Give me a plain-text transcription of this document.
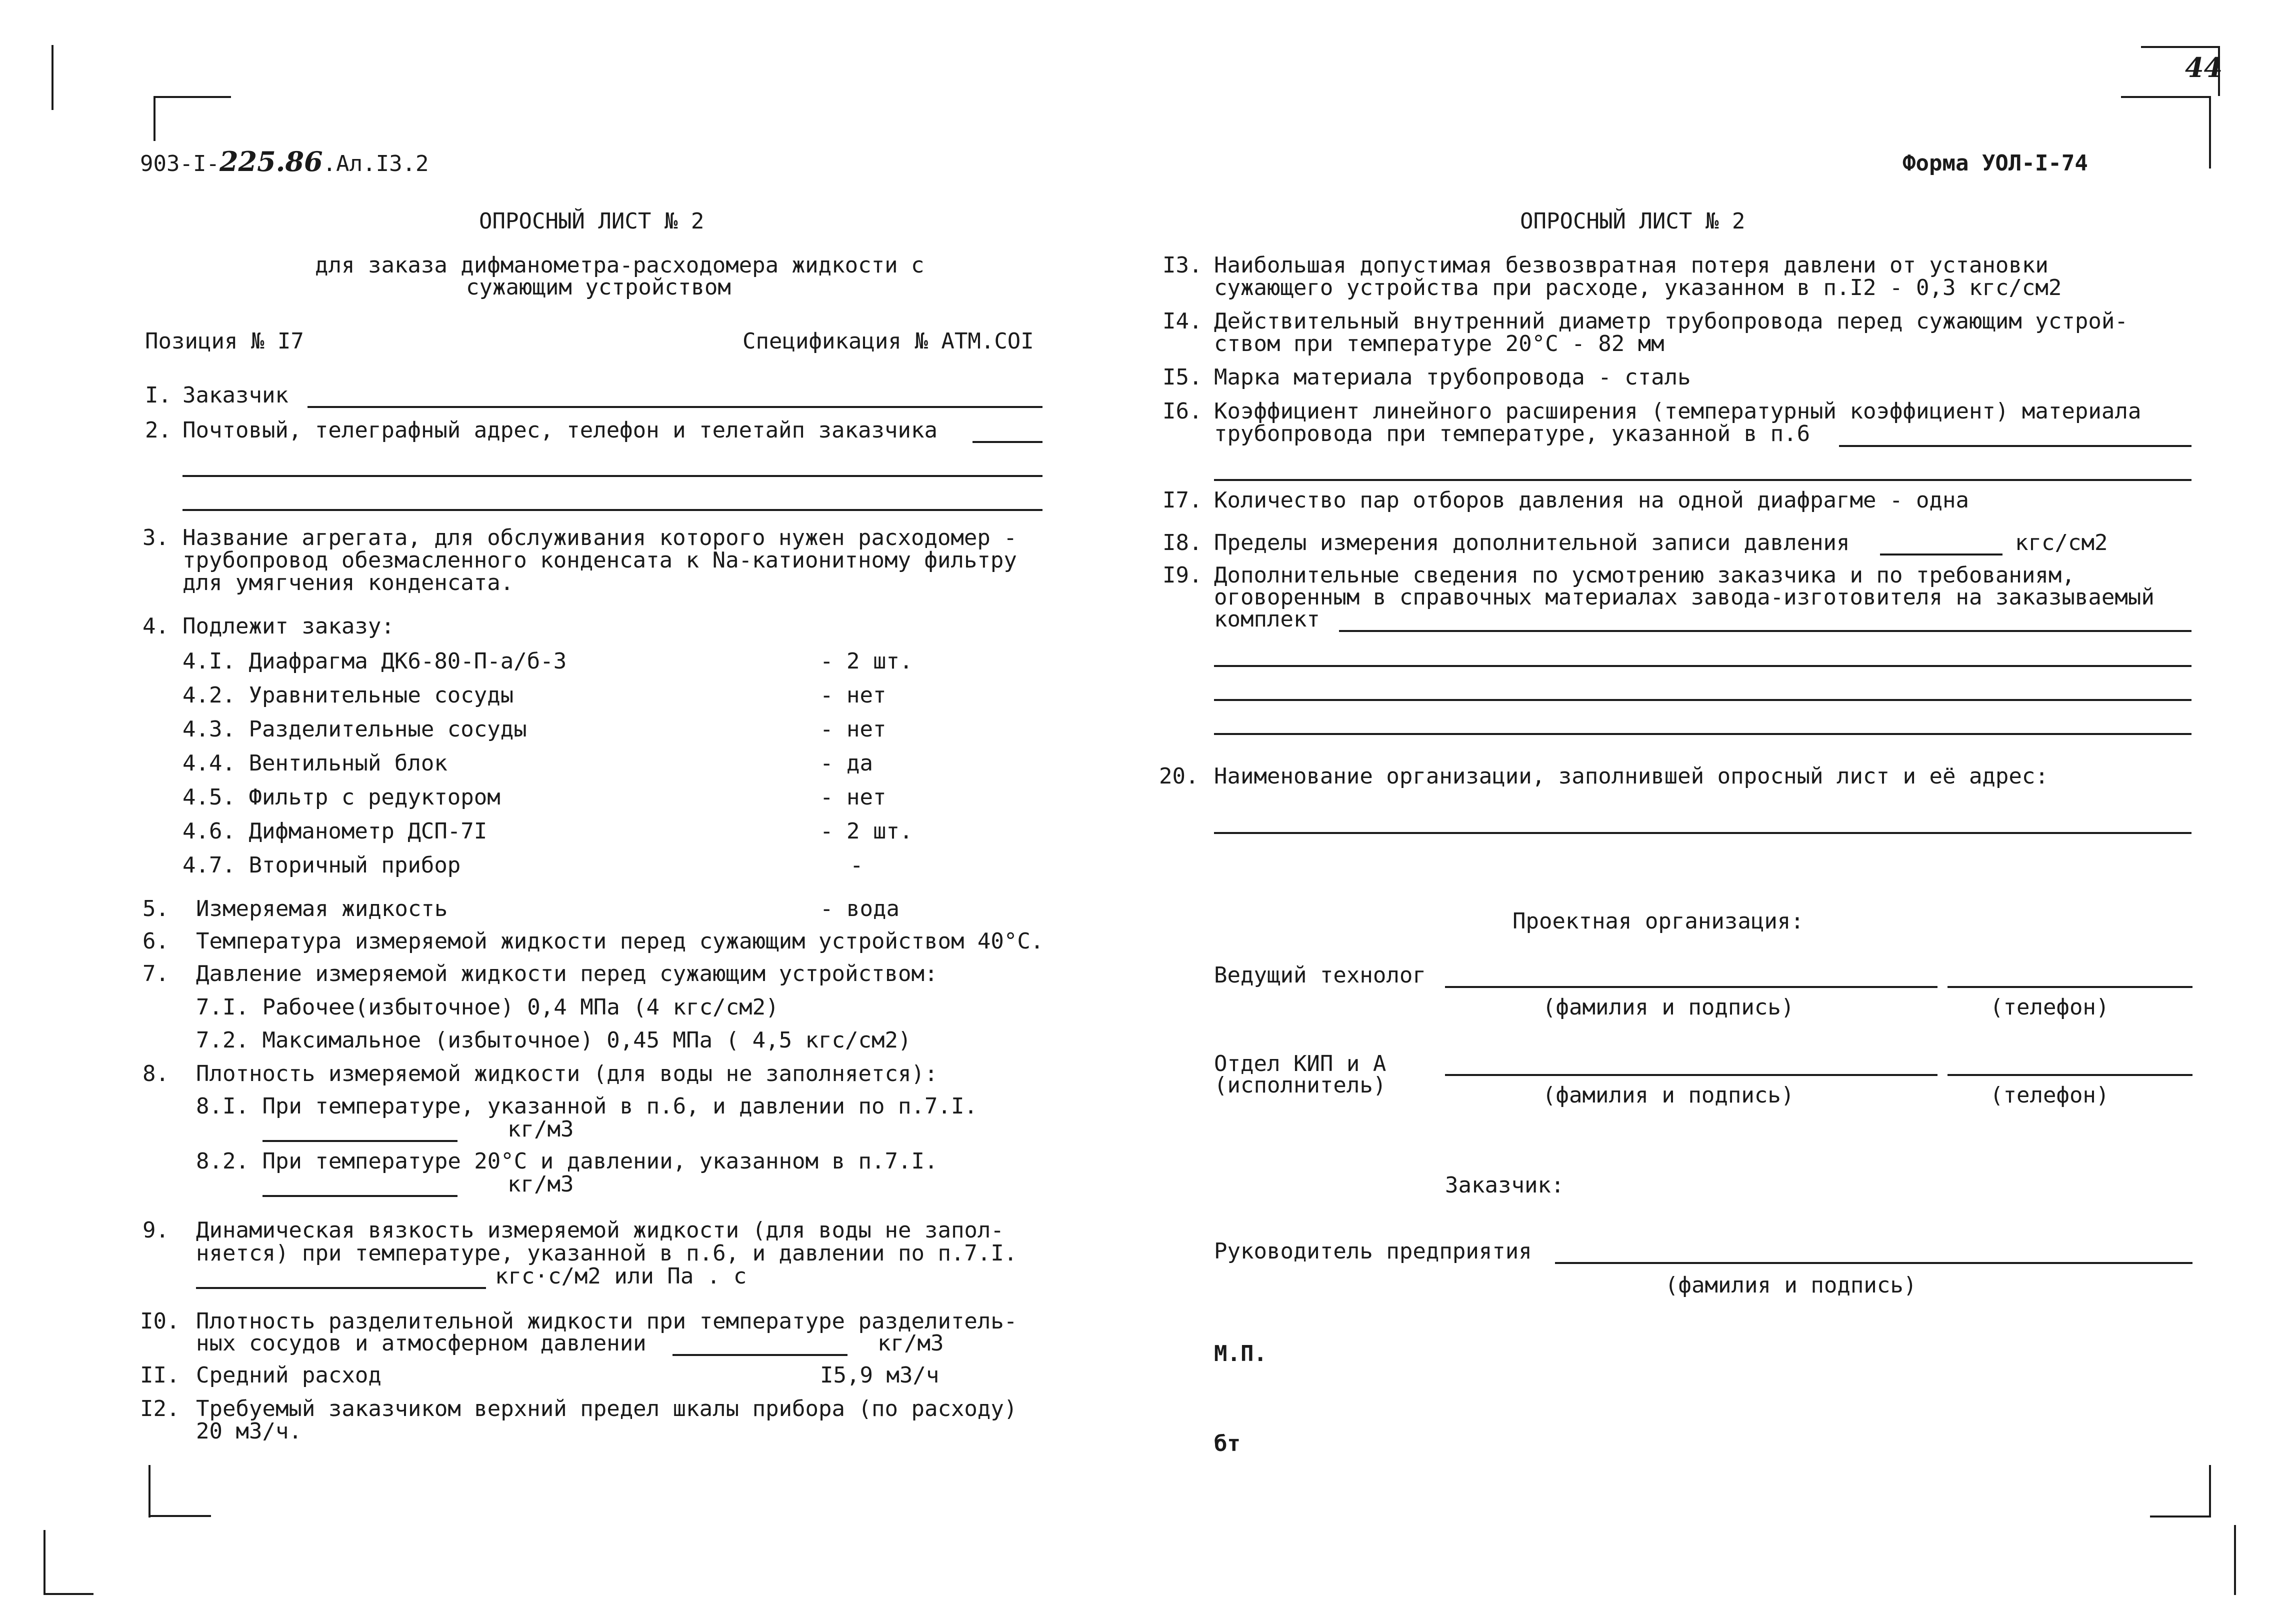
903-I-225.86.Ал.I3.2	Форма УОЛ-I-74
44
ОПРОСНЫЙ ЛИСТ № 2
для заказа дифманометра-расходомера жидкости с
сужающим устройством
Позиция № I7	Спецификация № АТМ.СОI
I. Заказчик
2. Почтовый, телеграфный адрес, телефон и телетайп заказчика
3. Название агрегата, для обслуживания которого нужен расходомер -
трубопровод обезмасленного конденсата к Na-катионитному фильтру
для умягчения конденсата.
4. Подлежит заказу:
4.I. Диафрагма ДК6-80-П-а/б-3	- 2 шт.
4.2. Уравнительные сосуды	- нет
4.3. Разделительные сосуды	- нет
4.4. Вентильный блок	- да
4.5. Фильтр с редуктором	- нет
4.6. Дифманометр ДСП-7I	- 2 шт.
4.7. Вторичный прибор	-
5. Измеряемая жидкость	- вода
6. Температура измеряемой жидкости перед сужающим устройством 40°C.
7. Давление измеряемой жидкости перед сужающим устройством:
7.I. Рабочее(избыточное) 0,4 МПа (4 кгс/см2)
7.2. Максимальное (избыточное) 0,45 МПа ( 4,5 кгс/см2)
8. Плотность измеряемой жидкости (для воды не заполняется):
8.I. При температуре, указанной в п.6, и давлении по п.7.I.
кг/м3
8.2. При температуре 20°C и давлении, указанном в п.7.I.
кг/м3
9. Динамическая вязкость измеряемой жидкости (для воды не запол-
няется) при температуре, указанной в п.6, и давлении по п.7.I.
кгс·с/м2 или Па . с
I0. Плотность разделительной жидкости при температуре разделитель-
ных сосудов и атмосферном давлении	кг/м3
II. Средний расход	I5,9 м3/ч
I2. Требуемый заказчиком верхний предел шкалы прибора (по расходу)
20 м3/ч.
ОПРОСНЫЙ ЛИСТ № 2
I3. Наибольшая допустимая безвозвратная потеря давлени от установки
сужающего устройства при расходе, указанном в п.I2 - 0,3 кгс/см2
I4. Действительный внутренний диаметр трубопровода перед сужающим устрой-
ством при температуре 20°C - 82 мм
I5. Марка материала трубопровода - сталь
I6. Коэффициент линейного расширения (температурный коэффициент) материала
трубопровода при температуре, указанной в п.6
I7. Количество пар отборов давления на одной диафрагме - одна
I8. Пределы измерения дополнительной записи давления	кгс/см2
I9. Дополнительные сведения по усмотрению заказчика и по требованиям,
оговоренным в справочных материалах завода-изготовителя на заказываемый
комплект
20. Наименование организации, заполнившей опросный лист и её адрес:
Проектная организация:
Ведущий технолог
(фамилия и подпись)	(телефон)
Отдел КИП и А
(исполнитель)	(фамилия и подпись)	(телефон)
Заказчик:
Руководитель предприятия
(фамилия и подпись)
М.П.
бт
